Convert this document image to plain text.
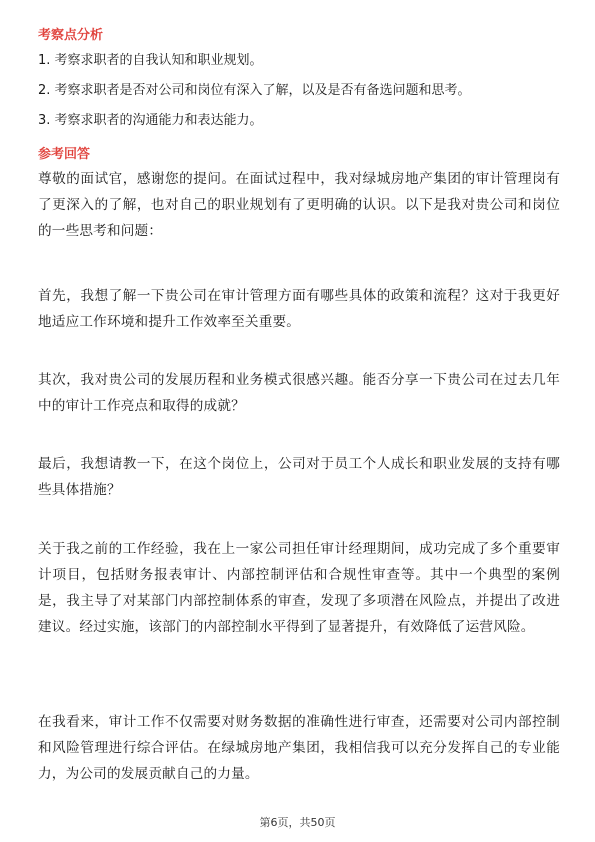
考察点分析

1. 考察求职者的自我认知和职业规划。

2. 考察求职者是否对公司和岗位有深入了解，以及是否有备选问题和思考。

3. 考察求职者的沟通能力和表达能力。

参考回答

尊敬的面试官，感谢您的提问。在面试过程中，我对绿城房地产集团的审计管理岗有了更深入的了解，也对自己的职业规划有了更明确的认识。以下是我对贵公司和岗位的一些思考和问题：

首先，我想了解一下贵公司在审计管理方面有哪些具体的政策和流程？这对于我更好地适应工作环境和提升工作效率至关重要。

其次，我对贵公司的发展历程和业务模式很感兴趣。能否分享一下贵公司在过去几年中的审计工作亮点和取得的成就？

最后，我想请教一下，在这个岗位上，公司对于员工个人成长和职业发展的支持有哪些具体措施？

关于我之前的工作经验，我在上一家公司担任审计经理期间，成功完成了多个重要审计项目，包括财务报表审计、内部控制评估和合规性审查等。其中一个典型的案例是，我主导了对某部门内部控制体系的审查，发现了多项潜在风险点，并提出了改进建议。经过实施，该部门的内部控制水平得到了显著提升，有效降低了运营风险。

在我看来，审计工作不仅需要对财务数据的准确性进行审查，还需要对公司内部控制和风险管理进行综合评估。在绿城房地产集团，我相信我可以充分发挥自己的专业能力，为公司的发展贡献自己的力量。

第6页，共50页
